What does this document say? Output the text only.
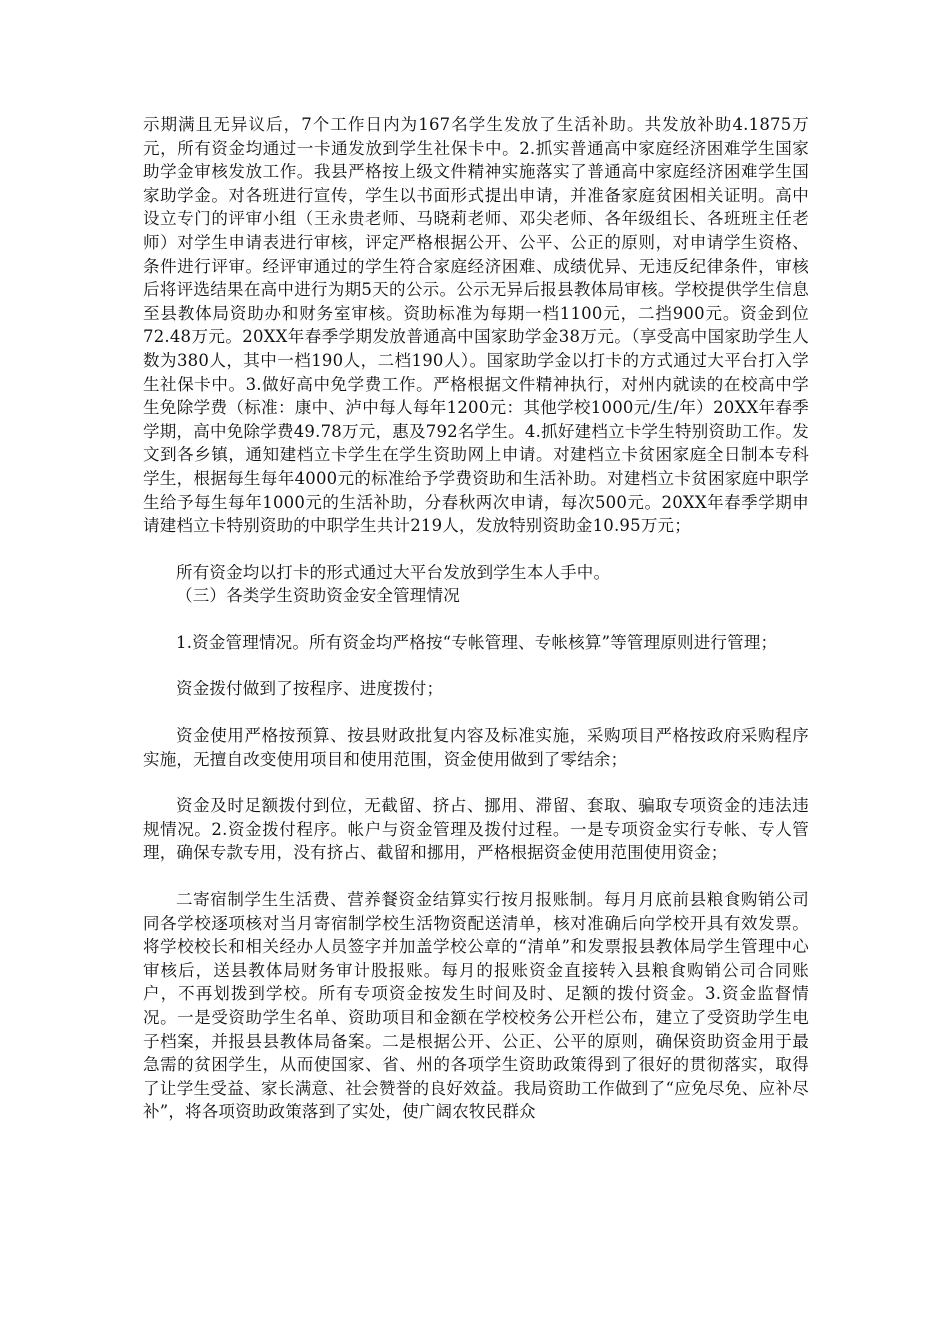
示期满且无异议后，7个工作日内为167名学生发放了生活补助。共发放补助4.1875万元，所有资金均通过一卡通发放到学生社保卡中。2.抓实普通高中家庭经济困难学生国家助学金审核发放工作。我县严格按上级文件精神实施落实了普通高中家庭经济困难学生国家助学金。对各班进行宣传，学生以书面形式提出申请，并准备家庭贫困相关证明。高中设立专门的评审小组（王永贵老师、马晓莉老师、邓尖老师、各年级组长、各班班主任老师）对学生申请表进行审核，评定严格根据公开、公平、公正的原则，对申请学生资格、条件进行评审。经评审通过的学生符合家庭经济困难、成绩优异、无违反纪律条件，审核后将评选结果在高中进行为期5天的公示。公示无异后报县教体局审核。学校提供学生信息至县教体局资助办和财务室审核。资助标准为每期一档1100元，二挡900元。资金到位72.48万元。20XX年春季学期发放普通高中国家助学金38万元。（享受高中国家助学生人数为380人，其中一档190人，二档190人）。国家助学金以打卡的方式通过大平台打入学生社保卡中。3.做好高中免学费工作。严格根据文件精神执行，对州内就读的在校高中学生免除学费（标准：康中、泸中每人每年1200元：其他学校1000元/生/年）20XX年春季学期，高中免除学费49.78万元，惠及792名学生。4.抓好建档立卡学生特别资助工作。发文到各乡镇，通知建档立卡学生在学生资助网上申请。对建档立卡贫困家庭全日制本专科学生，根据每生每年4000元的标准给予学费资助和生活补助。对建档立卡贫困家庭中职学生给予每生每年1000元的生活补助，分春秋两次申请，每次500元。20XX年春季学期申请建档立卡特别资助的中职学生共计219人，发放特别资助金10.95万元；

所有资金均以打卡的形式通过大平台发放到学生本人手中。

（三）各类学生资助资金安全管理情况

1.资金管理情况。所有资金均严格按“专帐管理、专帐核算”等管理原则进行管理；

资金拨付做到了按程序、进度拨付；

资金使用严格按预算、按县财政批复内容及标准实施，采购项目严格按政府采购程序实施，无擅自改变使用项目和使用范围，资金使用做到了零结余；

资金及时足额拨付到位，无截留、挤占、挪用、滞留、套取、骗取专项资金的违法违规情况。2.资金拨付程序。帐户与资金管理及拨付过程。一是专项资金实行专帐、专人管理，确保专款专用，没有挤占、截留和挪用，严格根据资金使用范围使用资金；

二寄宿制学生生活费、营养餐资金结算实行按月报账制。每月月底前县粮食购销公司同各学校逐项核对当月寄宿制学校生活物资配送清单，核对准确后向学校开具有效发票。将学校校长和相关经办人员签字并加盖学校公章的“清单”和发票报县教体局学生管理中心审核后，送县教体局财务审计股报账。每月的报账资金直接转入县粮食购销公司合同账户，不再划拨到学校。所有专项资金按发生时间及时、足额的拨付资金。3.资金监督情况。一是受资助学生名单、资助项目和金额在学校校务公开栏公布，建立了受资助学生电子档案，并报县县教体局备案。二是根据公开、公正、公平的原则，确保资助资金用于最急需的贫困学生，从而使国家、省、州的各项学生资助政策得到了很好的贯彻落实，取得了让学生受益、家长满意、社会赞誉的良好效益。我局资助工作做到了“应免尽免、应补尽补”，将各项资助政策落到了实处，使广阔农牧民群众
